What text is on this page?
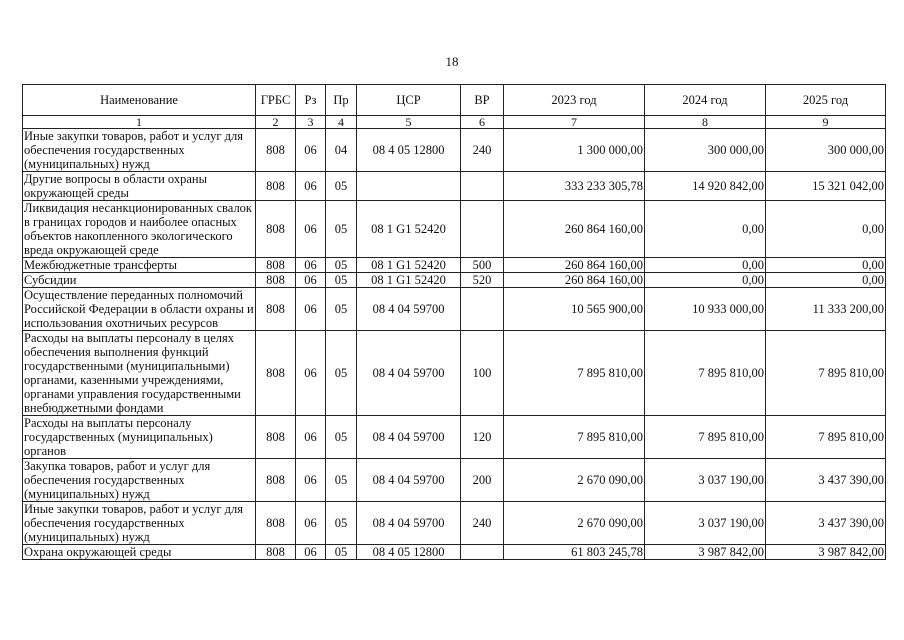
18
Наименование	ГРБС	Рз	Пр	ЦСР	ВР	2023 год	2024 год	2025 год
1	2	3	4	5	6	7	8	9
Иные закупки товаров, работ и услуг для обеспечения государственных (муниципальных) нужд	808	06	04	08 4 05 12800	240	1 300 000,00	300 000,00	300 000,00
Другие вопросы в области охраны окружающей среды	808	06	05			333 233 305,78	14 920 842,00	15 321 042,00
Ликвидация несанкционированных свалок в границах городов и наиболее опасных объектов накопленного экологического вреда окружающей среде	808	06	05	08 1 G1 52420		260 864 160,00	0,00	0,00
Межбюджетные трансферты	808	06	05	08 1 G1 52420	500	260 864 160,00	0,00	0,00
Субсидии	808	06	05	08 1 G1 52420	520	260 864 160,00	0,00	0,00
Осуществление переданных полномочий Российской Федерации в области охраны и использования охотничьих ресурсов	808	06	05	08 4 04 59700		10 565 900,00	10 933 000,00	11 333 200,00
Расходы на выплаты персоналу в целях обеспечения выполнения функций государственными (муниципальными) органами, казенными учреждениями, органами управления государственными внебюджетными фондами	808	06	05	08 4 04 59700	100	7 895 810,00	7 895 810,00	7 895 810,00
Расходы на выплаты персоналу государственных (муниципальных) органов	808	06	05	08 4 04 59700	120	7 895 810,00	7 895 810,00	7 895 810,00
Закупка товаров, работ и услуг для обеспечения государственных (муниципальных) нужд	808	06	05	08 4 04 59700	200	2 670 090,00	3 037 190,00	3 437 390,00
Иные закупки товаров, работ и услуг для обеспечения государственных (муниципальных) нужд	808	06	05	08 4 04 59700	240	2 670 090,00	3 037 190,00	3 437 390,00
Охрана окружающей среды	808	06	05	08 4 05 12800		61 803 245,78	3 987 842,00	3 987 842,00
